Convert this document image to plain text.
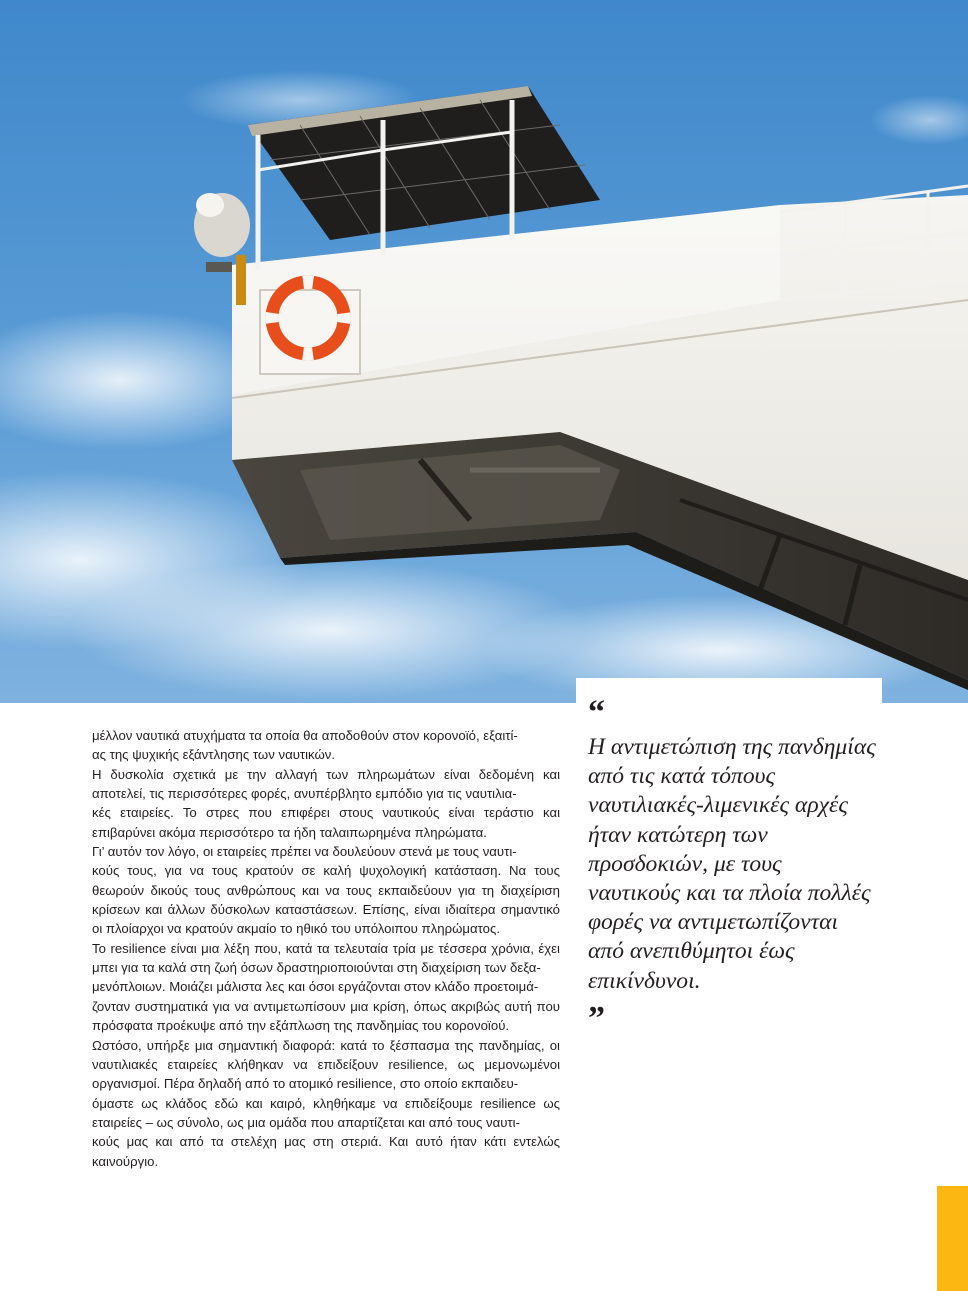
μέλλον ναυτικά ατυχήματα τα οποία θα αποδοθούν στον κορονοϊό, εξαιτί-
ας της ψυχικής εξάντλησης των ναυτικών.

Η δυσκολία σχετικά με την αλλαγή των πληρωμάτων είναι δεδομένη και αποτελεί, τις περισσότερες φορές, ανυπέρβλητο εμπόδιο για τις ναυτιλια-
κές εταιρείες. Το στρες που επιφέρει στους ναυτικούς είναι τεράστιο και επιβαρύνει ακόμα περισσότερο τα ήδη ταλαιπωρημένα πληρώματα.

Γι’ αυτόν τον λόγο, οι εταιρείες πρέπει να δουλεύουν στενά με τους ναυτι-
κούς τους, για να τους κρατούν σε καλή ψυχολογική κατάσταση. Να τους θεωρούν δικούς τους ανθρώπους και να τους εκπαιδεύουν για τη διαχείριση κρίσεων και άλλων δύσκολων καταστάσεων. Επίσης, είναι ιδιαίτερα σημαντικό οι πλοίαρχοι να κρατούν ακμαίο το ηθικό του υπόλοιπου πληρώματος.

Το resilience είναι μια λέξη που, κατά τα τελευταία τρία με τέσσερα χρόνια, έχει μπει για τα καλά στη ζωή όσων δραστηριοποιούνται στη διαχείριση των δεξα-
μενόπλοιων. Μοιάζει μάλιστα λες και όσοι εργάζονται στον κλάδο προετοιμά-
ζονταν συστηματικά για να αντιμετωπίσουν μια κρίση, όπως ακριβώς αυτή που πρόσφατα προέκυψε από την εξάπλωση της πανδημίας του κορονοϊού.

Ωστόσο, υπήρξε μια σημαντική διαφορά: κατά το ξέσπασμα της πανδημίας, οι ναυτιλιακές εταιρείες κλήθηκαν να επιδείξουν resilience, ως μεμονωμένοι οργανισμοί. Πέρα δηλαδή από το ατομικό resilience, στο οποίο εκπαιδευ-
όμαστε ως κλάδος εδώ και καιρό, κληθήκαμε να επιδείξουμε resilience ως εταιρείες – ως σύνολο, ως μια ομάδα που απαρτίζεται και από τους ναυτι-
κούς μας και από τα στελέχη μας στη στεριά. Και αυτό ήταν κάτι εντελώς καινούργιο.

“
Η αντιμετώπιση της πανδημίας από τις κατά τόπους ναυτιλιακές-λιμενικές αρχές ήταν κατώτερη των προσδοκιών, με τους ναυτικούς και τα πλοία πολλές φορές να αντιμετωπίζονται από ανεπιθύμητοι έως επικίνδυνοι.
”
